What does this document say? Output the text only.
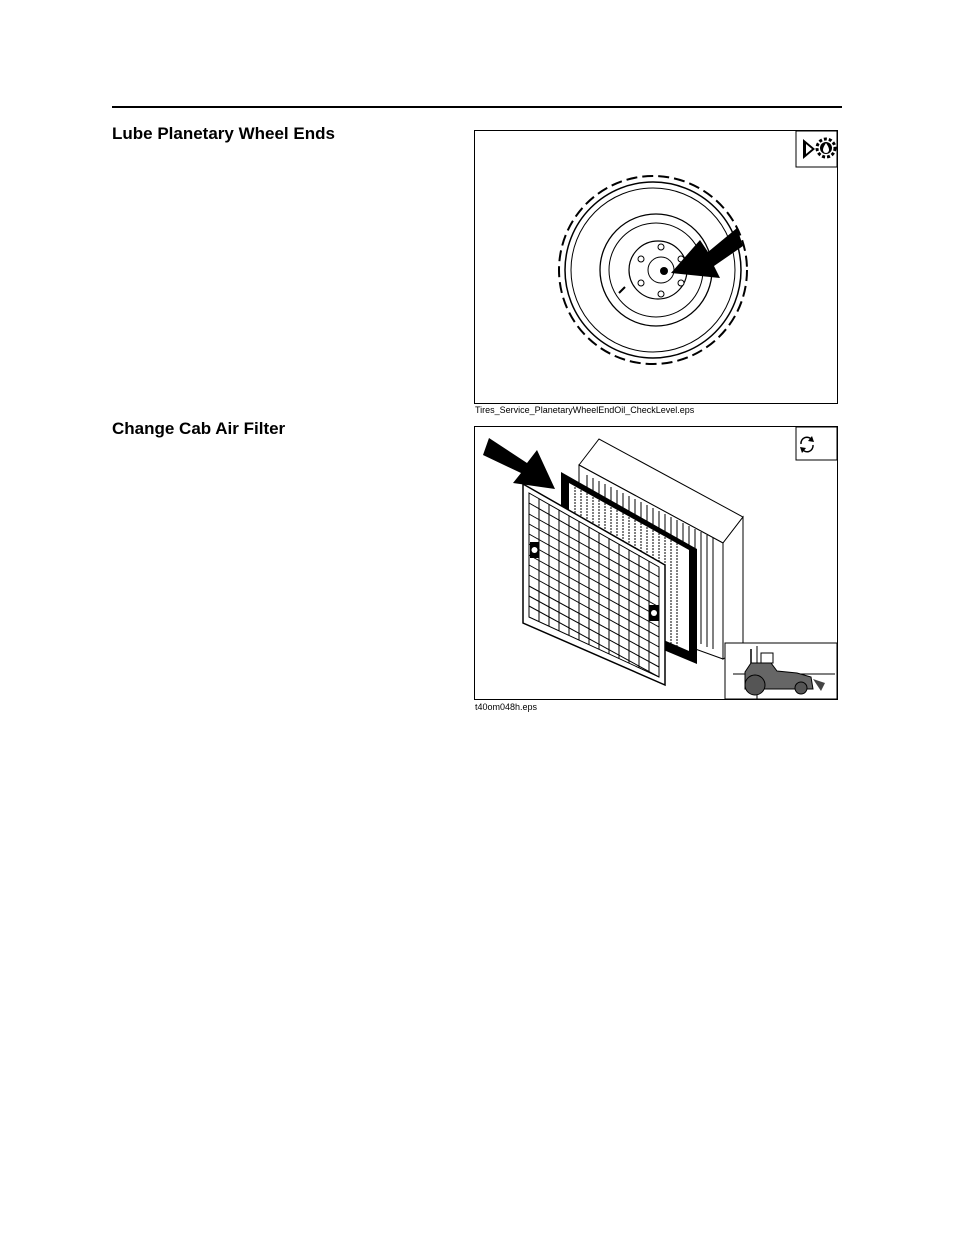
Lube Planetary Wheel Ends
Tires_Service_PlanetaryWheelEndOil_CheckLevel.eps
Change Cab Air Filter
t40om048h.eps
